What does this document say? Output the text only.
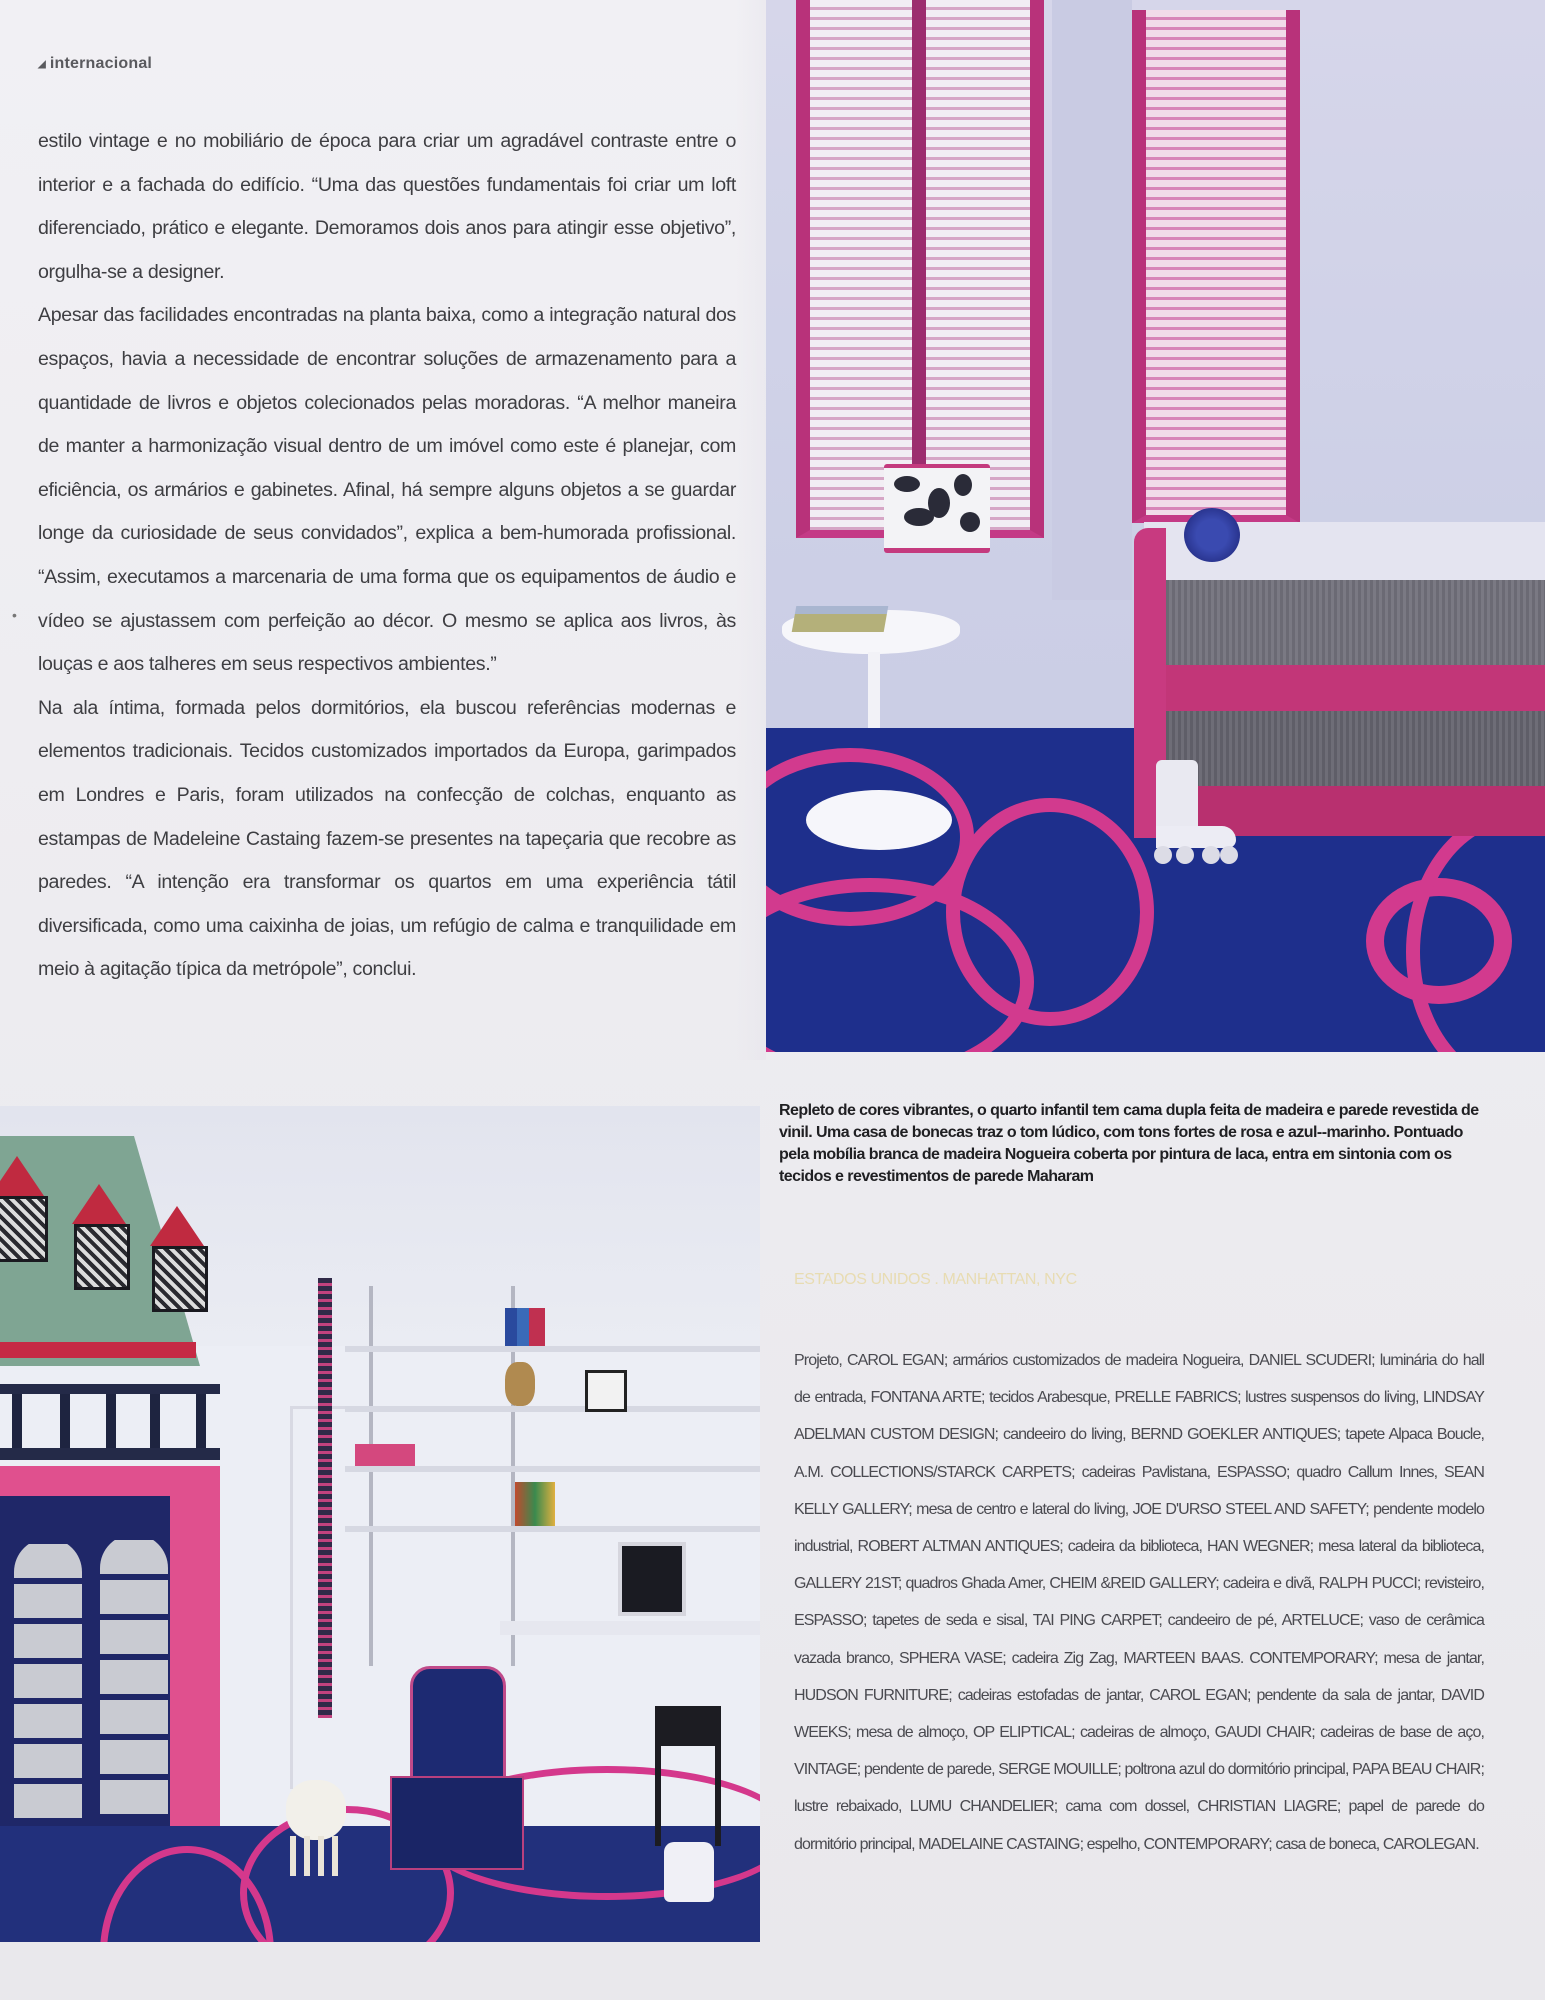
◢ internacional

estilo vintage e no mobiliário de época para criar um agradável contraste entre o interior e a fachada do edifício. “Uma das questões fundamentais foi criar um loft diferenciado, prático e elegante. Demoramos dois anos para atingir esse objetivo”, orgulha-se a designer.

Apesar das facilidades encontradas na planta baixa, como a integração natural dos espaços, havia a necessidade de encontrar soluções de armazenamento para a quantidade de livros e objetos colecionados pelas moradoras. “A melhor maneira de manter a harmonização visual dentro de um imóvel como este é planejar, com eficiência, os armários e gabinetes. Afinal, há sempre alguns objetos a se guardar longe da curiosidade de seus convidados”, explica a bem-humorada profissional. “Assim, executamos a marcenaria de uma forma que os equipamentos de áudio e vídeo se ajustassem com perfeição ao décor. O mesmo se aplica aos livros, às louças e aos talheres em seus respectivos ambientes.”

Na ala íntima, formada pelos dormitórios, ela buscou referências modernas e elementos tradicionais. Tecidos customizados importados da Europa, garimpados em Londres e Paris, foram utilizados na confecção de colchas, enquanto as estampas de Madeleine Castaing fazem-se presentes na tapeçaria que recobre as paredes. “A intenção era transformar os quartos em uma experiência tátil diversificada, como uma caixinha de joias, um refúgio de calma e tranquilidade em meio à agitação típica da metrópole”, conclui.

•
Repleto de cores vibrantes, o quarto infantil tem cama dupla feita de madeira e parede revestida de vinil. Uma casa de bonecas traz o tom lúdico, com tons fortes de rosa e azul--marinho. Pontuado pela mobília branca de madeira Nogueira coberta por pintura de laca, entra em sintonia com os tecidos e revestimentos de parede Maharam
ESTADOS UNIDOS . MANHATTAN, NYC
Projeto, CAROL EGAN; armários customizados de madeira Nogueira, DANIEL SCUDERI; luminária do hall de entrada, FONTANA ARTE; tecidos Arabesque, PRELLE FABRICS; lustres suspensos do living, LINDSAY ADELMAN CUSTOM DESIGN; candeeiro do living, BERND GOEKLER ANTIQUES; tapete Alpaca Boucle, A.M. COLLECTIONS/STARCK CARPETS; cadeiras Pavlistana, ESPASSO; quadro Callum Innes, SEAN KELLY GALLERY; mesa de centro e lateral do living, JOE D'URSO STEEL AND SAFETY; pendente modelo industrial, ROBERT ALTMAN ANTIQUES; cadeira da biblioteca, HAN WEGNER; mesa lateral da biblioteca, GALLERY 21ST; quadros Ghada Amer, CHEIM &REID GALLERY; cadeira e divã, RALPH PUCCI; revisteiro, ESPASSO; tapetes de seda e sisal, TAI PING CARPET; candeeiro de pé, ARTELUCE; vaso de cerâmica vazada branco, SPHERA VASE; cadeira Zig Zag, MARTEEN BAAS. CONTEMPORARY; mesa de jantar, HUDSON FURNITURE; cadeiras estofadas de jantar, CAROL EGAN; pendente da sala de jantar, DAVID WEEKS; mesa de almoço, OP ELIPTICAL; cadeiras de almoço, GAUDI CHAIR; cadeiras de base de aço, VINTAGE; pendente de parede, SERGE MOUILLE; poltrona azul do dormitório principal, PAPA BEAU CHAIR; lustre rebaixado, LUMU CHANDELIER; cama com dossel, CHRISTIAN LIAGRE; papel de parede do dormitório principal, MADELAINE CASTAING; espelho, CONTEMPORARY; casa de boneca, CAROLEGAN.
